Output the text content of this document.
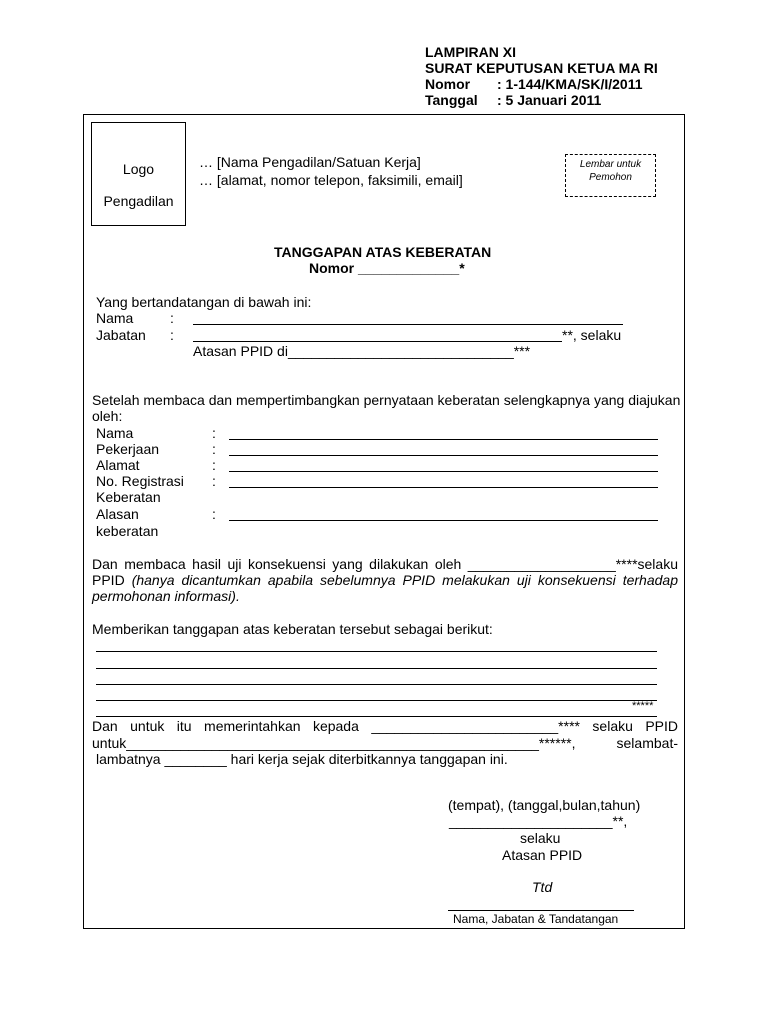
LAMPIRAN XI
SURAT KEPUTUSAN KETUA MA RI
Nomor : 1-144/KMA/SK/I/2011
Tanggal : 5 Januari 2011
Logo
Pengadilan
… [Nama Pengadilan/Satuan Kerja]
… [alamat, nomor telepon, faksimili, email]
Lembar untuk
Pemohon
TANGGAPAN ATAS KEBERATAN
Nomor _____________*
Yang bertandatangan di bawah ini:
Nama	:
Jabatan :	**, selaku
Atasan PPID di_____________________________***
Setelah membaca dan mempertimbangkan pernyataan keberatan selengkapnya yang diajukan
oleh:
Nama	:
Pekerjaan	:
Alamat	:
No. Registrasi :
Keberatan
Alasan	:
keberatan
Dan membaca hasil uji konsekuensi yang dilakukan oleh ___________________****selaku
PPID (hanya dicantumkan apabila sebelumnya PPID melakukan uji konsekuensi terhadap
permohonan informasi).
Memberikan tanggapan atas keberatan tersebut sebagai berikut:
*****
Dan untuk itu memerintahkan kepada ________________________**** selaku PPID
untuk_____________________________________________________******, selambat-
lambatnya ________ hari kerja sejak diterbitkannya tanggapan ini.
(tempat), (tanggal,bulan,tahun)
_____________________**,
selaku
Atasan PPID
Ttd
Nama, Jabatan & Tandatangan
